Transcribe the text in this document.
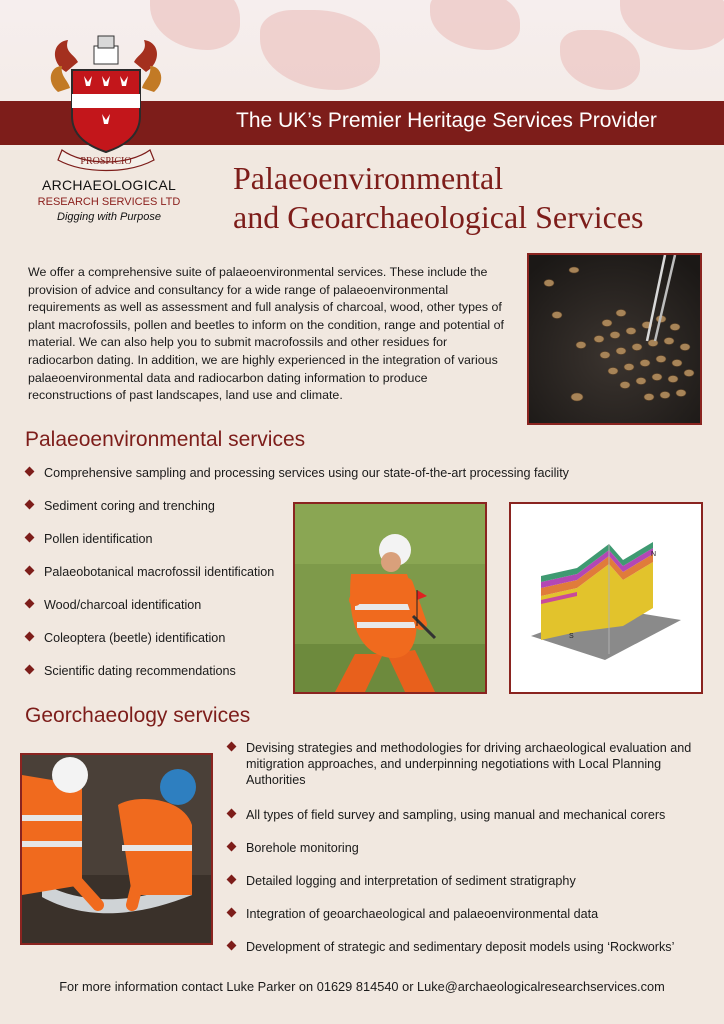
The UK’s Premier Heritage Services Provider
PROSPICIO
ARCHAEOLOGICAL
RESEARCH SERVICES LTD
Digging with Purpose
Palaeoenvironmental
and Geoarchaeological Services
We offer a comprehensive suite of palaeoenvironmental services. These include the provision of advice and consultancy for a wide range of palaeoenvironmental requirements as well as assessment and full analysis of charcoal, wood, other types of plant macrofossils, pollen and beetles to inform on the condition, range and potential of material. We can also help you to submit macrofossils and other residues for radiocarbon dating. In addition, we are highly experienced in the integration of various palaeoenvironmental data and radiocarbon dating information to produce reconstructions of past landscapes, land use and climate.
Palaeoenvironmental services
Comprehensive sampling and processing services using our state-of-the-art processing facility
Sediment coring and trenching
Pollen identification
Palaeobotanical macrofossil identification
Wood/charcoal identification
Coleoptera (beetle) identification
Scientific dating recommendations
N
S
Georchaeology services
Devising strategies and methodologies for driving archaeological evaluation and mitigration approaches, and underpinning negotiations with Local Planning Authorities
All types of field survey and sampling, using manual and mechanical corers
Borehole monitoring
Detailed logging and interpretation of sediment stratigraphy
Integration of geoarchaeological and palaeoenvironmental data
Development of strategic and sedimentary deposit models using ‘Rockworks’
For more information contact Luke Parker on 01629 814540 or Luke@archaeologicalresearchservices.com
